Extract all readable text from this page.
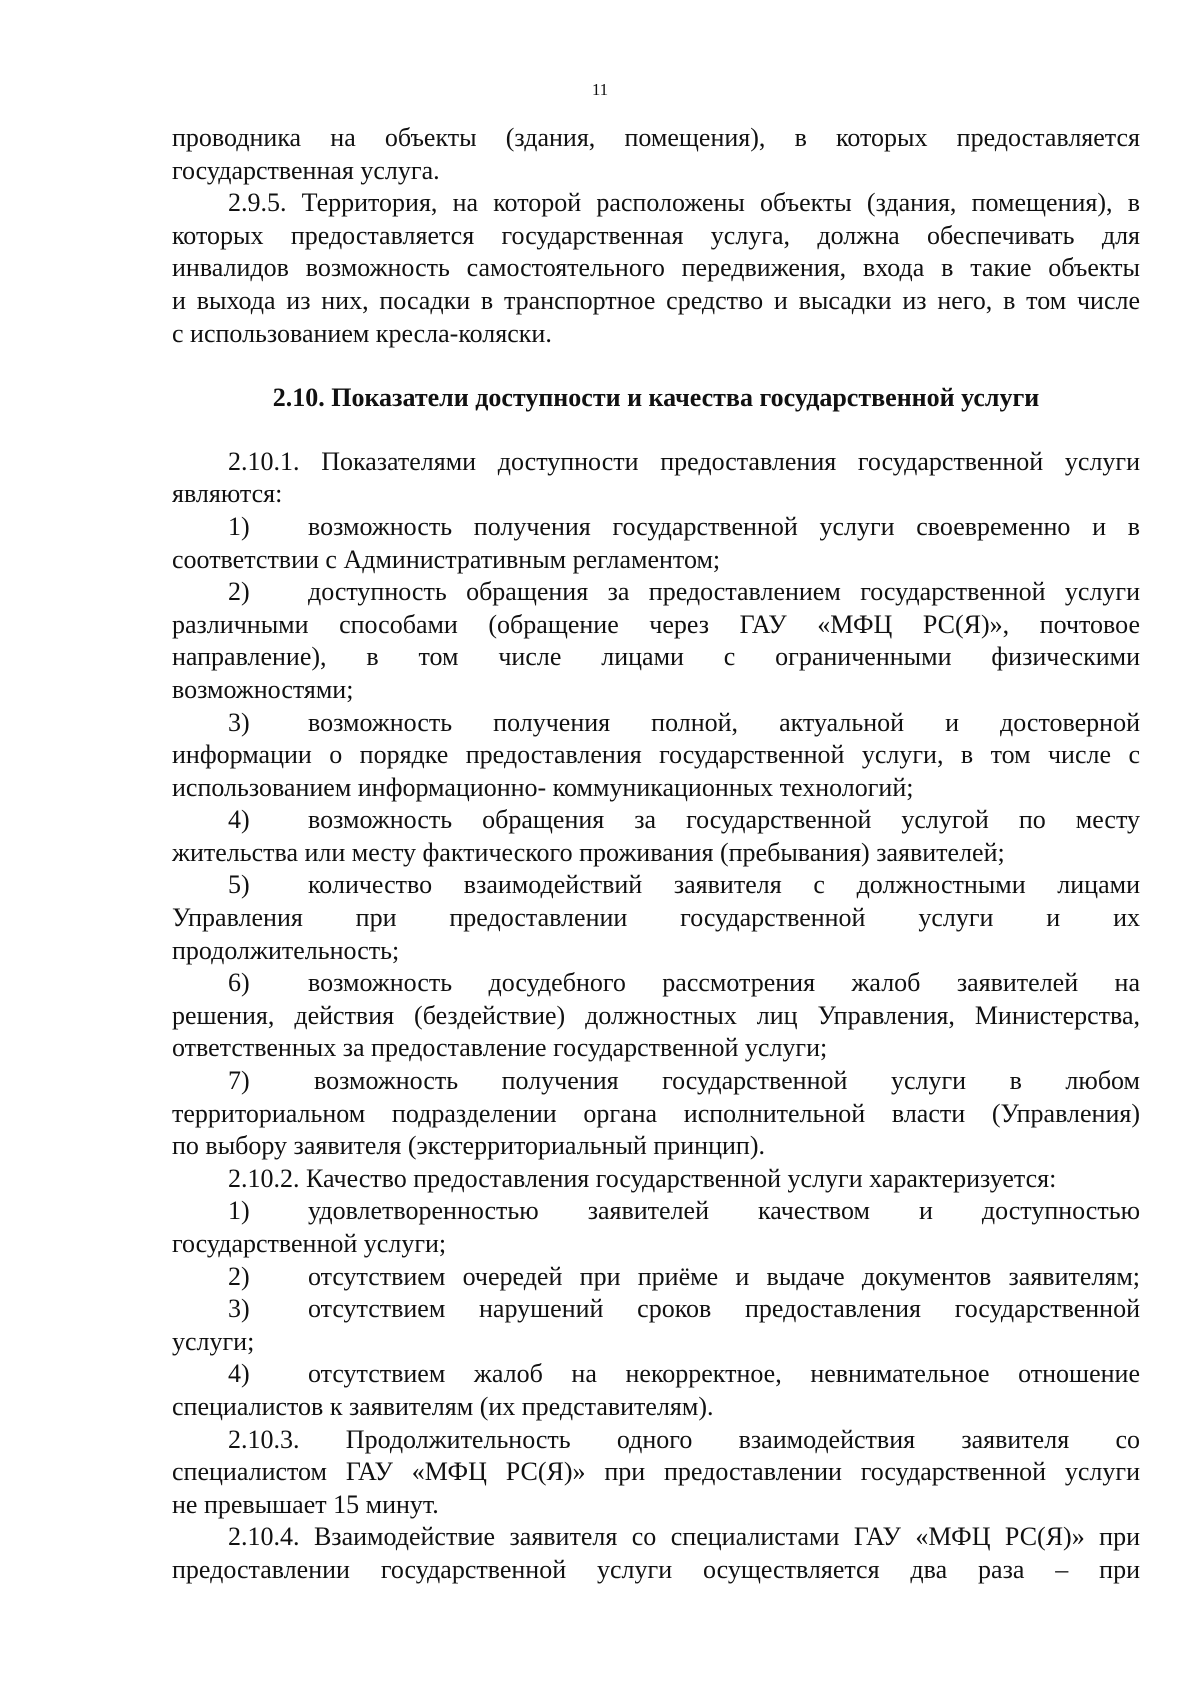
11

проводника на объекты (здания, помещения), в которых предоставляется

государственная услуга.

2.9.5. Территория, на которой расположены объекты (здания, помещения), в

которых предоставляется государственная услуга, должна обеспечивать для

инвалидов возможность самостоятельного передвижения, входа в такие объекты

и выхода из них, посадки в транспортное средство и высадки из него, в том числе

с использованием кресла-коляски.

2.10. Показатели доступности и качества государственной услуги

2.10.1. Показателями доступности предоставления государственной услуги

являются:

1)	возможность получения государственной услуги своевременно и в

соответствии с Административным регламентом;

2)	доступность обращения за предоставлением государственной услуги

различными способами (обращение через ГАУ «МФЦ РС(Я)», почтовое

направление), в том числе лицами с ограниченными физическими

возможностями;

3)	возможность получения полной, актуальной и достоверной

информации о порядке предоставления государственной услуги, в том числе с

использованием информационно- коммуникационных технологий;

4)	возможность обращения за государственной услугой по месту

жительства или месту фактического проживания (пребывания) заявителей;

5)	количество взаимодействий заявителя с должностными лицами

Управления при предоставлении государственной услуги и их

продолжительность;

6)	возможность досудебного рассмотрения жалоб заявителей на

решения, действия (бездействие) должностных лиц Управления, Министерства,

ответственных за предоставление государственной услуги;

7)	возможность получения государственной услуги в любом

территориальном подразделении органа исполнительной власти (Управления)

по выбору заявителя (экстерриториальный принцип).

2.10.2. Качество предоставления государственной услуги характеризуется:

1)	удовлетворенностью заявителей качеством и доступностью

государственной услуги;

2)	отсутствием очередей при приёме и выдаче документов заявителям;
3)	отсутствием нарушений сроков предоставления государственной

услуги;

4)	отсутствием жалоб на некорректное, невнимательное отношение

специалистов к заявителям (их представителям).

2.10.3. Продолжительность одного взаимодействия заявителя со

специалистом ГАУ «МФЦ РС(Я)» при предоставлении государственной услуги

не превышает 15 минут.

2.10.4. Взаимодействие заявителя со специалистами ГАУ «МФЦ РС(Я)» при

предоставлении государственной услуги осуществляется два раза – при
